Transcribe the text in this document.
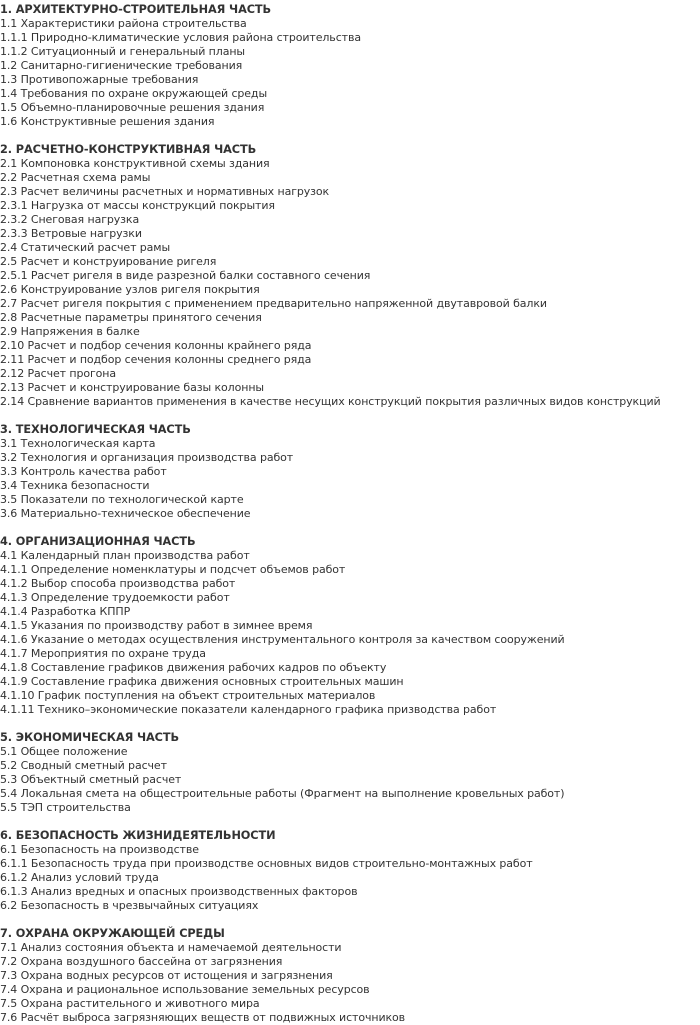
1. АРХИТЕКТУРНО-СТРОИТЕЛЬНАЯ ЧАСТЬ
1.1 Характеристики района строительства
1.1.1 Природно-климатические условия района строительства
1.1.2 Ситуационный и генеральный планы
1.2 Санитарно-гигиенические требования
1.3 Противопожарные требования
1.4 Требования по охране окружающей среды
1.5 Объемно-планировочные решения здания
1.6 Конструктивные решения здания
2. РАСЧЕТНО-КОНСТРУКТИВНАЯ ЧАСТЬ
2.1 Компоновка конструктивной схемы здания
2.2 Расчетная схема рамы
2.3 Расчет величины расчетных и нормативных нагрузок
2.3.1 Нагрузка от массы конструкций покрытия
2.3.2 Снеговая нагрузка
2.3.3 Ветровые нагрузки
2.4 Статический расчет рамы
2.5 Расчет и конструирование ригеля
2.5.1 Расчет ригеля в виде разрезной балки составного сечения
2.6 Конструирование узлов ригеля покрытия
2.7 Расчет ригеля покрытия с применением предварительно напряженной двутавровой балки
2.8 Расчетные параметры принятого сечения
2.9 Напряжения в балке
2.10 Расчет и подбор сечения колонны крайнего ряда
2.11 Расчет и подбор сечения колонны среднего ряда
2.12 Расчет прогона
2.13 Расчет и конструирование базы колонны
2.14 Сравнение вариантов применения в качестве несущих конструкций покрытия различных видов конструкций
3. ТЕХНОЛОГИЧЕСКАЯ ЧАСТЬ
3.1 Технологическая карта
3.2 Технология и организация производства работ
3.3 Контроль качества работ
3.4 Техника безопасности
3.5 Показатели по технологической карте
3.6 Материально-техническое обеспечение
4. ОРГАНИЗАЦИОННАЯ ЧАСТЬ
4.1 Календарный план производства работ
4.1.1 Определение номенклатуры и подсчет объемов работ
4.1.2 Выбор способа производства работ
4.1.3 Определение трудоемкости работ
4.1.4 Разработка КППР
4.1.5 Указания по производству работ в зимнее время
4.1.6 Указание о методах осуществления инструментального контроля за качеством сооружений
4.1.7 Мероприятия по охране труда
4.1.8 Составление графиков движения рабочих кадров по объекту
4.1.9 Составление графика движения основных строительных машин
4.1.10 График поступления на объект строительных материалов
4.1.11 Технико–экономические показатели календарного графика призводства работ
5. ЭКОНОМИЧЕСКАЯ ЧАСТЬ
5.1 Общее положение
5.2 Сводный сметный расчет
5.3 Объектный сметный расчет
5.4 Локальная смета на общестроительные работы (Фрагмент на выполнение кровельных работ)
5.5 ТЭП строительства
6. БЕЗОПАСНОСТЬ ЖИЗНИДЕЯТЕЛЬНОСТИ
6.1 Безопасность на производстве
6.1.1 Безопасность труда при производстве основных видов строительно-монтажных работ
6.1.2 Анализ условий труда
6.1.3 Анализ вредных и опасных производственных факторов
6.2 Безопасность в чрезвычайных ситуациях
7. ОХРАНА ОКРУЖАЮЩЕЙ СРЕДЫ
7.1 Анализ состояния объекта и намечаемой деятельности
7.2 Охрана воздушного бассейна от загрязнения
7.3 Охрана водных ресурсов от истощения и загрязнения
7.4 Охрана и рациональное использование земельных ресурсов
7.5 Охрана растительного и животного мира
7.6 Расчёт выброса загрязняющих веществ от подвижных источников
